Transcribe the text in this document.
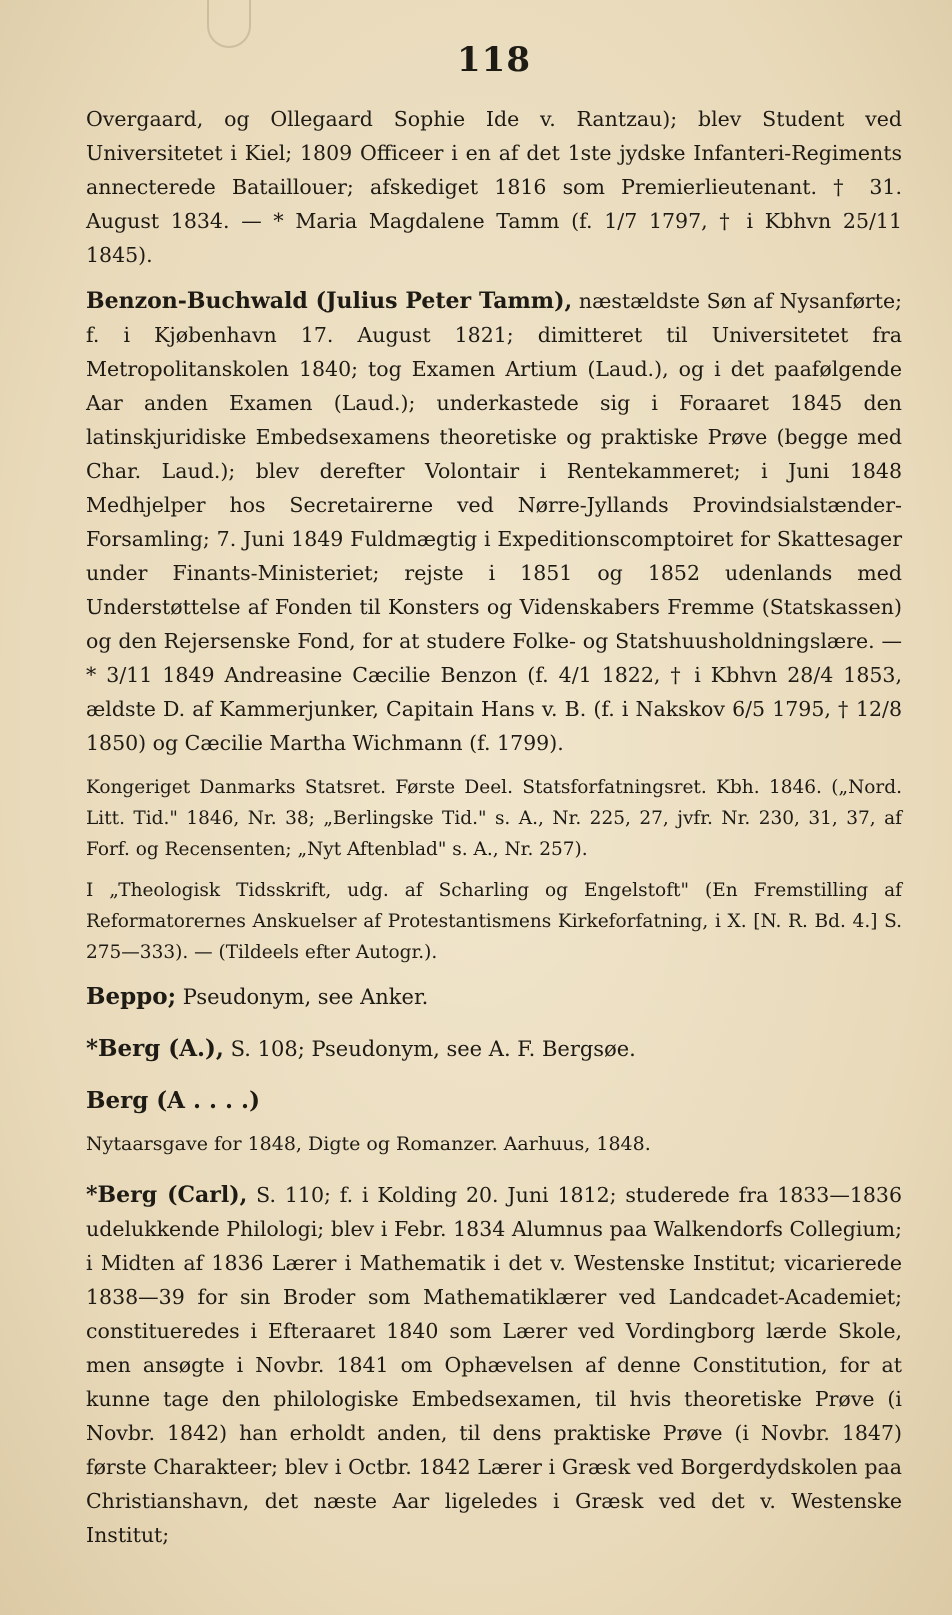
118

Overgaard, og Ollegaard Sophie Ide v. Rantzau); blev Student ved Universitetet i Kiel; 1809 Officeer i en af det 1ste jydske Infanteri-Regiments annecterede Bataillouer; afskediget 1816 som Premierlieutenant. † 31. August 1834. — * Maria Magdalene Tamm (f. 1/7 1797, † i Kbhvn 25/11 1845).

Benzon-Buchwald (Julius Peter Tamm), næstældste Søn af Nysanførte; f. i Kjøbenhavn 17. August 1821; dimitteret til Universitetet fra Metropolitanskolen 1840; tog Examen Artium (Laud.), og i det paafølgende Aar anden Examen (Laud.); underkastede sig i Foraaret 1845 den latinskjuridiske Embedsexamens theoretiske og praktiske Prøve (begge med Char. Laud.); blev derefter Volontair i Rentekammeret; i Juni 1848 Medhjelper hos Secretairerne ved Nørre-Jyllands Provindsialstænder-Forsamling; 7. Juni 1849 Fuldmægtig i Expeditionscomptoiret for Skattesager under Finants-Ministeriet; rejste i 1851 og 1852 udenlands med Understøttelse af Fonden til Konsters og Videnskabers Fremme (Statskassen) og den Rejersenske Fond, for at studere Folke- og Statshuusholdningslære. — * 3/11 1849 Andreasine Cæcilie Benzon (f. 4/1 1822, † i Kbhvn 28/4 1853, ældste D. af Kammerjunker, Capitain Hans v. B. (f. i Nakskov 6/5 1795, † 12/8 1850) og Cæcilie Martha Wichmann (f. 1799).

Kongeriget Danmarks Statsret. Første Deel. Statsforfatningsret. Kbh. 1846. („Nord. Litt. Tid." 1846, Nr. 38; „Berlingske Tid." s. A., Nr. 225, 27, jvfr. Nr. 230, 31, 37, af Forf. og Recensenten; „Nyt Aftenblad" s. A., Nr. 257).

I „Theologisk Tidsskrift, udg. af Scharling og Engelstoft" (En Fremstilling af Reformatorernes Anskuelser af Protestantismens Kirkeforfatning, i X. [N. R. Bd. 4.] S. 275—333). — (Tildeels efter Autogr.).

Beppo; Pseudonym, see Anker.

*Berg (A.), S. 108; Pseudonym, see A. F. Bergsøe.

Berg (A . . . .)

Nytaarsgave for 1848, Digte og Romanzer. Aarhuus, 1848.

*Berg (Carl), S. 110; f. i Kolding 20. Juni 1812; studerede fra 1833—1836 udelukkende Philologi; blev i Febr. 1834 Alumnus paa Walkendorfs Collegium; i Midten af 1836 Lærer i Mathematik i det v. Westenske Institut; vicarierede 1838—39 for sin Broder som Mathematiklærer ved Landcadet-Academiet; constitueredes i Efteraaret 1840 som Lærer ved Vordingborg lærde Skole, men ansøgte i Novbr. 1841 om Ophævelsen af denne Constitution, for at kunne tage den philologiske Embedsexamen, til hvis theoretiske Prøve (i Novbr. 1842) han erholdt anden, til dens praktiske Prøve (i Novbr. 1847) første Charakteer; blev i Octbr. 1842 Lærer i Græsk ved Borgerdydskolen paa Christianshavn, det næste Aar ligeledes i Græsk ved det v. Westenske Institut;
